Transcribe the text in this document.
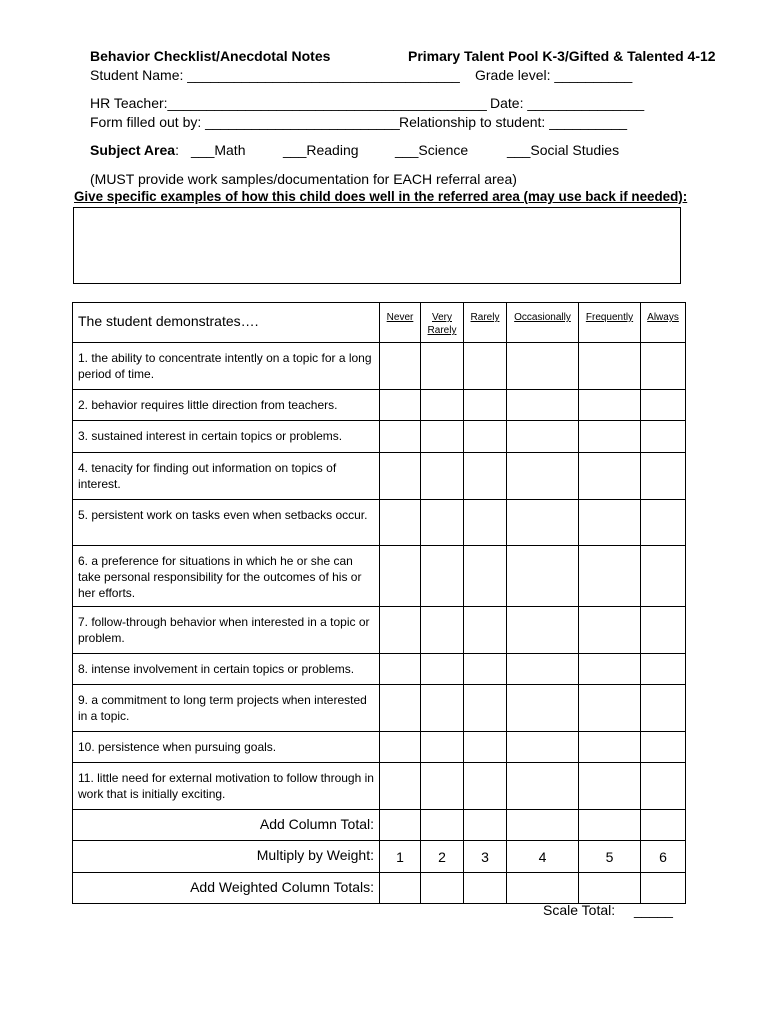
Behavior Checklist/Anecdotal Notes	Primary Talent Pool K-3/Gifted & Talented 4-12
Student Name: ___________________________________ Grade level: __________
HR Teacher:_________________________________________ Date: _______________
Form filled out by: _________________________ Relationship to student: __________
Subject Area: ___Math	___Reading	___Science	___Social Studies
(MUST provide work samples/documentation for EACH referral area)
Give specific examples of how this child does well in the referred area (may use back if needed):
The student demonstrates….	Never	Very Rarely	Rarely	Occasionally	Frequently	Always
1. the ability to concentrate intently on a topic for a long period of time.						
2. behavior requires little direction from teachers.						
3. sustained interest in certain topics or problems.						
4. tenacity for finding out information on topics of interest.						
5. persistent work on tasks even when setbacks occur.						
6. a preference for situations in which he or she can take personal responsibility for the outcomes of his or her efforts.						
7. follow-through behavior when interested in a topic or problem.						
8. intense involvement in certain topics or problems.						
9. a commitment to long term projects when interested in a topic.						
10. persistence when pursuing goals.						
11. little need for external motivation to follow through in work that is initially exciting.						
Add Column Total:						
Multiply by Weight:	1	2	3	4	5	6
Add Weighted Column Totals:						
Scale Total: _____
